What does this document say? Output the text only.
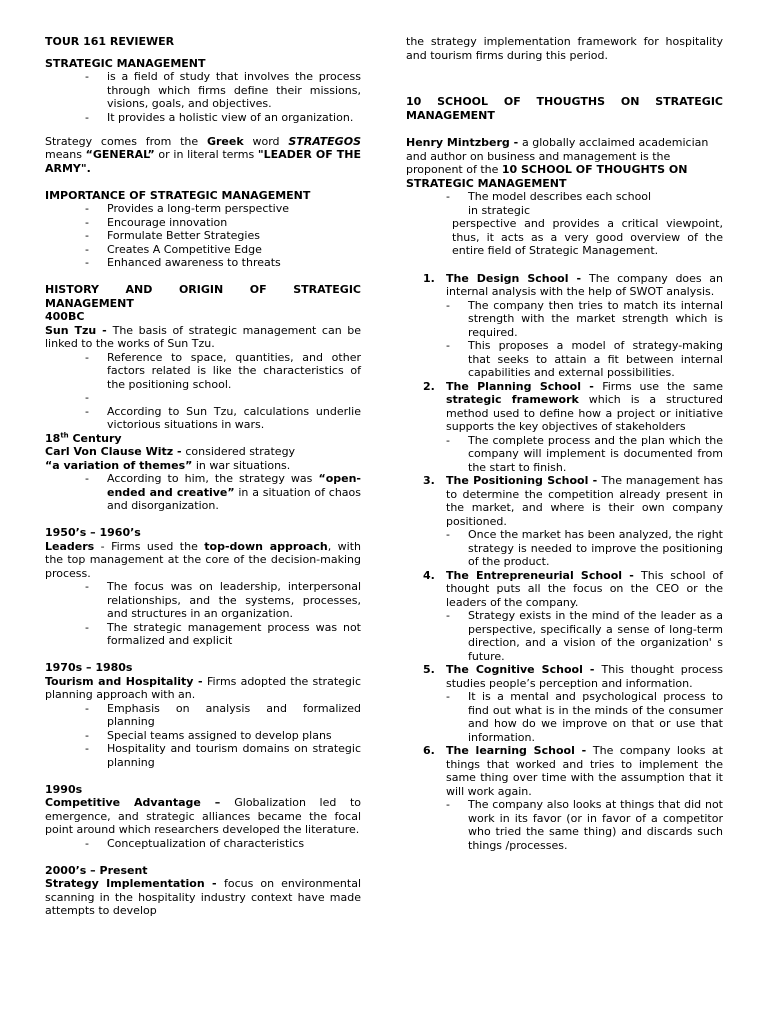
TOUR 161 REVIEWER

STRATEGIC MANAGEMENT

- is a field of study that involves the process through which firms define their missions, visions, goals, and objectives.
- It provides a holistic view of an organization.

Strategy comes from the Greek word STRATEGOS means “GENERAL” or in literal terms "LEADER OF THE ARMY".

IMPORTANCE OF STRATEGIC MANAGEMENT

- Provides a long-term perspective
- Encourage innovation
- Formulate Better Strategies
- Creates A Competitive Edge
- Enhanced awareness to threats

HISTORY AND ORIGIN OF STRATEGIC MANAGEMENT

400BC

Sun Tzu - The basis of strategic management can be linked to the works of Sun Tzu.

- Reference to space, quantities, and other factors related is like the characteristics of the positioning school.
-
- According to Sun Tzu, calculations underlie victorious situations in wars.

18th Century

Carl Von Clause Witz - considered strategy
“a variation of themes” in war situations.

- According to him, the strategy was “open-ended and creative” in a situation of chaos and disorganization.

1950’s – 1960’s

Leaders - Firms used the top-down approach, with the top management at the core of the decision-making process.

- The focus was on leadership, interpersonal relationships, and the systems, processes, and structures in an organization.
- The strategic management process was not formalized and explicit

1970s – 1980s

Tourism and Hospitality - Firms adopted the strategic planning approach with an.

- Emphasis on analysis and formalized planning
- Special teams assigned to develop plans
- Hospitality and tourism domains on strategic planning

1990s

Competitive Advantage – Globalization led to emergence, and strategic alliances became the focal point around which researchers developed the literature.

- Conceptualization of characteristics

2000’s – Present

Strategy Implementation - focus on environmental scanning in the hospitality industry context have made attempts to develop

the strategy implementation framework for hospitality and tourism firms during this period.

10 SCHOOL OF THOUGTHS ON STRATEGIC MANAGEMENT

Henry Mintzberg - a globally acclaimed academician

and author on business and management is the proponent of the 10 SCHOOL OF THOUGHTS ON
STRATEGIC MANAGEMENT

- The model describes each school in strategic

perspective and provides a critical viewpoint, thus, it acts as a very good overview of the entire field of Strategic Management.

1. The Design School - The company does an internal analysis with the help of SWOT analysis.
- The company then tries to match its internal strength with the market strength which is required.
- This proposes a model of strategy-making that seeks to attain a fit between internal capabilities and external possibilities.
2. The Planning School - Firms use the same strategic framework which is a structured method used to define how a project or initiative supports the key objectives of stakeholders
- The complete process and the plan which the company will implement is documented from the start to finish.
3. The Positioning School - The management has to determine the competition already present in the market, and where is their own company positioned.
- Once the market has been analyzed, the right strategy is needed to improve the positioning of the product.
4. The Entrepreneurial School - This school of thought puts all the focus on the CEO or the leaders of the company.
- Strategy exists in the mind of the leader as a perspective, specifically a sense of long-term direction, and a vision of the organization' s future.
5. The Cognitive School - This thought process studies people’s perception and information.
- It is a mental and psychological process to find out what is in the minds of the consumer and how do we improve on that or use that information.
6. The learning School - The company looks at things that worked and tries to implement the same thing over time with the assumption that it will work again.
- The company also looks at things that did not work in its favor (or in favor of a competitor who tried the same thing) and discards such things /processes.
